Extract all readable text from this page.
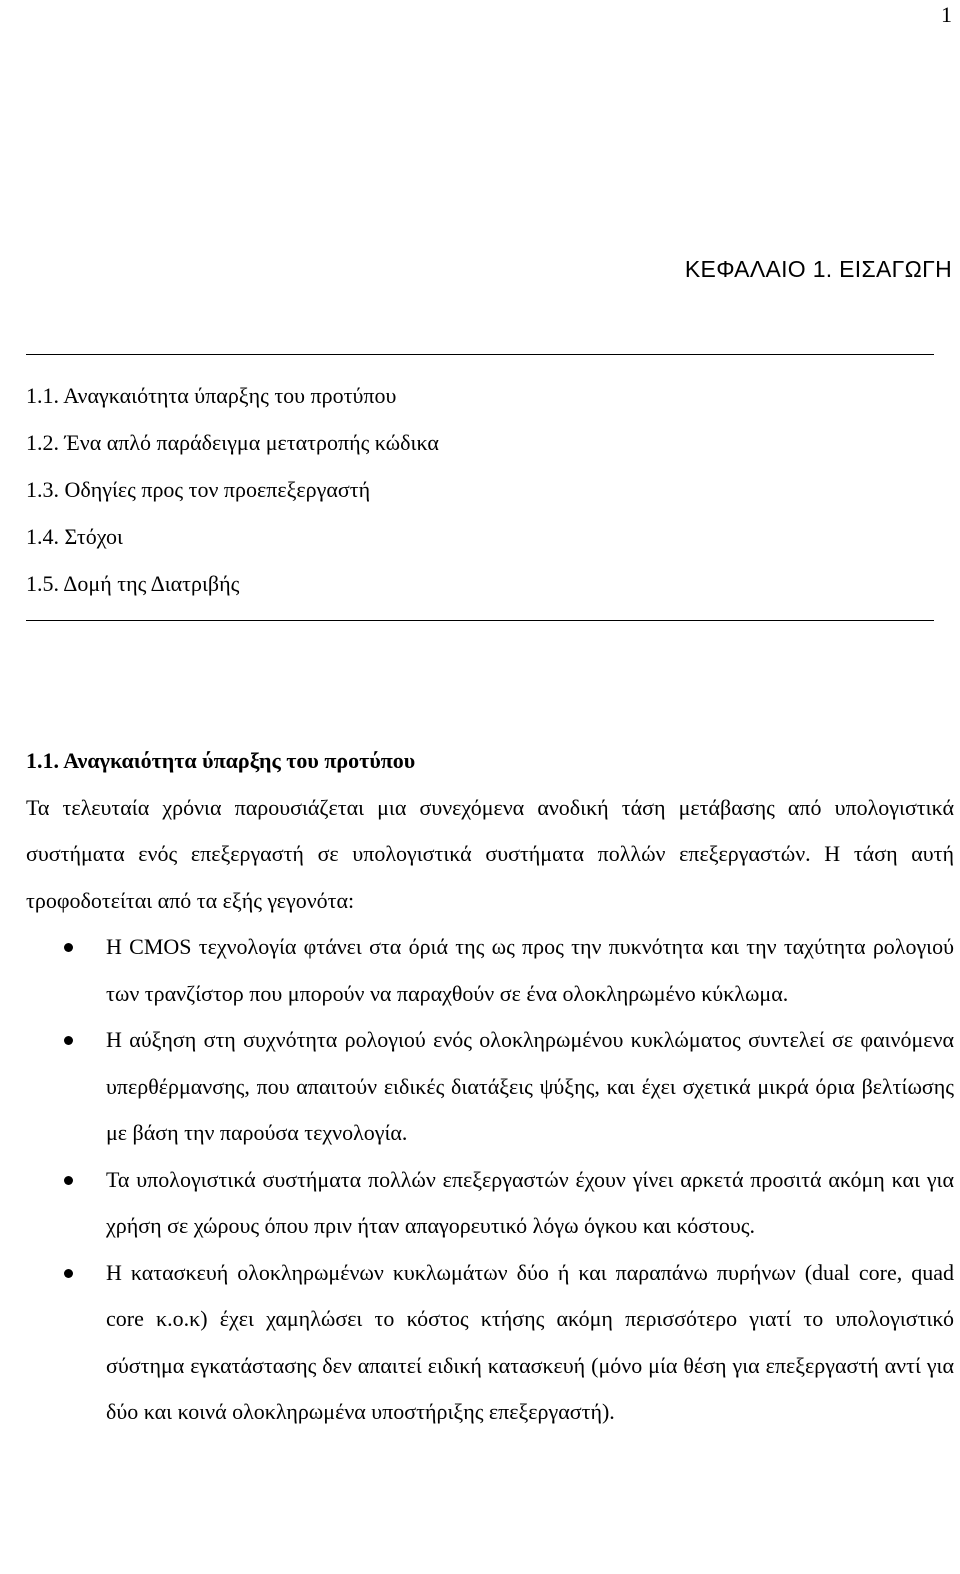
1
ΚΕΦΑΛΑΙΟ 1. ΕΙΣΑΓΩΓΗ
1.1. Αναγκαιότητα ύπαρξης του προτύπου
1.2. Ένα απλό παράδειγμα μετατροπής κώδικα
1.3. Οδηγίες προς τον προεπεξεργαστή
1.4. Στόχοι
1.5. Δομή της Διατριβής
1.1. Αναγκαιότητα ύπαρξης του προτύπου

Τα τελευταία χρόνια παρουσιάζεται μια συνεχόμενα ανοδική τάση μετάβασης από υπολογιστικά συστήματα ενός επεξεργαστή σε υπολογιστικά συστήματα πολλών επεξεργαστών. Η τάση αυτή τροφοδοτείται από τα εξής γεγονότα:

Η CMOS τεχνολογία φτάνει στα όριά της ως προς την πυκνότητα και την ταχύτητα ρολογιού των τρανζίστορ που μπορούν να παραχθούν σε ένα ολοκληρωμένο κύκλωμα.
Η αύξηση στη συχνότητα ρολογιού ενός ολοκληρωμένου κυκλώματος συντελεί σε φαινόμενα υπερθέρμανσης, που απαιτούν ειδικές διατάξεις ψύξης, και έχει σχετικά μικρά όρια βελτίωσης με βάση την παρούσα τεχνολογία.
Τα υπολογιστικά συστήματα πολλών επεξεργαστών έχουν γίνει αρκετά προσιτά ακόμη και για χρήση σε χώρους όπου πριν ήταν απαγορευτικό λόγω όγκου και κόστους.
Η κατασκευή ολοκληρωμένων κυκλωμάτων δύο ή και παραπάνω πυρήνων (dual core, quad core κ.ο.κ) έχει χαμηλώσει το κόστος κτήσης ακόμη περισσότερο γιατί το υπολογιστικό σύστημα εγκατάστασης δεν απαιτεί ειδική κατασκευή (μόνο μία θέση για επεξεργαστή αντί για δύο και κοινά ολοκληρωμένα υποστήριξης επεξεργαστή).
